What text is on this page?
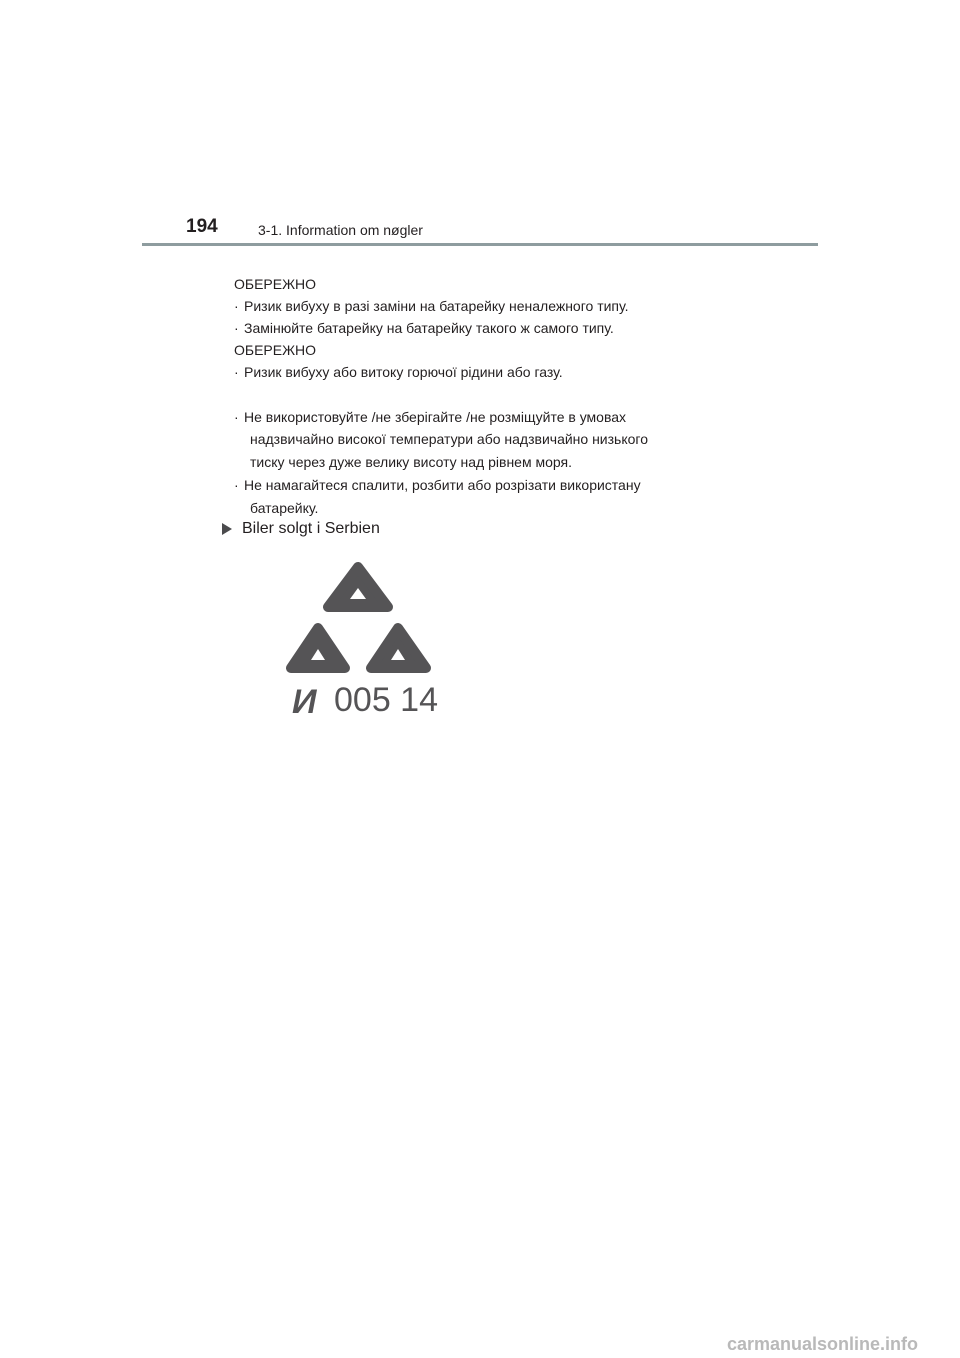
194	3-1. Information om nøgler
ОБЕРЕЖНО
· Ризик вибуху в разі заміни на батарейку неналежного типу.
· Замінюйте батарейку на батарейку такого ж самого типу.
ОБЕРЕЖНО
· Ризик вибуху або витоку горючої рідини або газу.
· Не використовуйте /не зберігайте /не розміщуйте в умовах
надзвичайно високої температури або надзвичайно низького
тиску через дуже велику висоту над рівнем моря.
· Не намагайтеся спалити, розбити або розрізати використану
батарейку.
Biler solgt i Serbien
И 005 14
carmanualsonline.info
